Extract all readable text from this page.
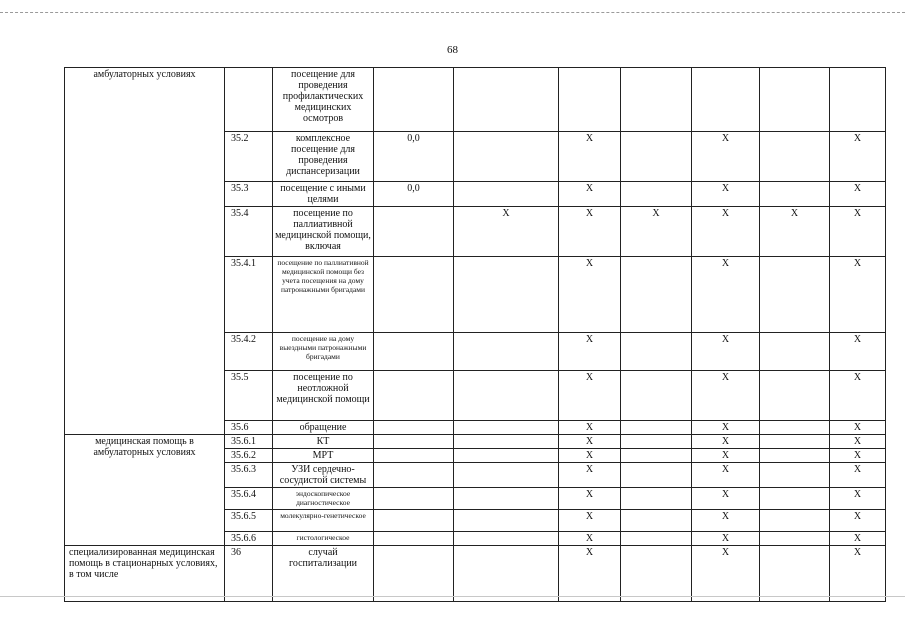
68
амбулаторных условиях		посещение для проведения профилактических медицинских осмотров								
	35.2	комплексное посещение для проведения диспансеризации	0,0		Х		Х		Х	
	35.3	посещение с иными целями	0,0		Х		Х		Х	
	35.4	посещение по паллиативной медицинской помощи, включая		Х	Х	Х	Х	Х	Х	
	35.4.1	посещение по паллиативной медицинской помощи без учета посещения на дому патронажными бригадами			Х		Х		Х	
	35.4.2	посещение на дому выездными патронажными бригадами			Х		Х		Х	
	35.5	посещение по неотложной медицинской помощи			Х		Х		Х	
	35.6	обращение			Х		Х		Х	
медицинская помощь в амбулаторных условиях	35.6.1	КТ			Х		Х		Х	
	35.6.2	МРТ			Х		Х		Х	
	35.6.3	УЗИ сердечно-сосудистой системы			Х		Х		Х	
	35.6.4	эндоскопическое диагностическое			Х		Х		Х	
	35.6.5	молекулярно-генетическое			Х		Х		Х	
	35.6.6	гистологическое			Х		Х		Х	
специализированная медицинская помощь в стационарных условиях, в том числе	36	случай госпитализации			Х		Х		Х	
